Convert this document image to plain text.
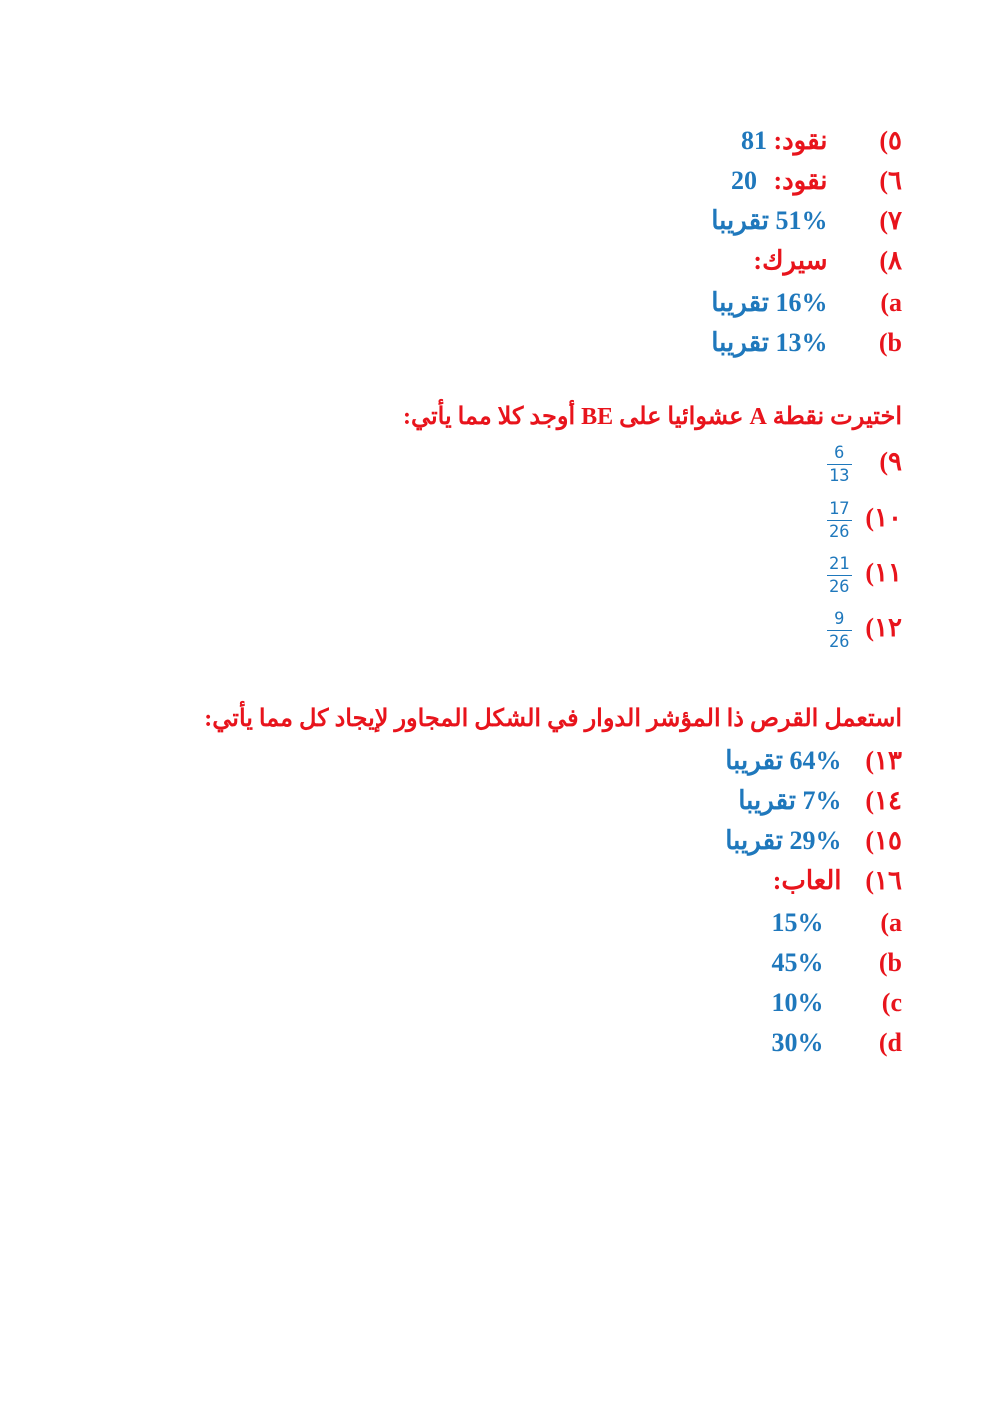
٥) نقود: 81
٦) نقود: 20
٧) 51% تقريبا
٨) سيرك:
a) 16% تقريبا
b) 13% تقريبا
اختيرت نقطة A عشوائيا على BE أوجد كلا مما يأتي:
٩)
$\frac{6}{13}$
١٠)
$\frac{17}{26}$
١١)
$\frac{21}{26}$
١٢)
$\frac{9}{26}$
استعمل القرص ذا المؤشر الدوار في الشكل المجاور لإيجاد كل مما يأتي:
١٣) 64% تقريبا
١٤) 7% تقريبا
١٥) 29% تقريبا
١٦) العاب:
a) 15%
b) 45%
c) 10%
d) 30%
